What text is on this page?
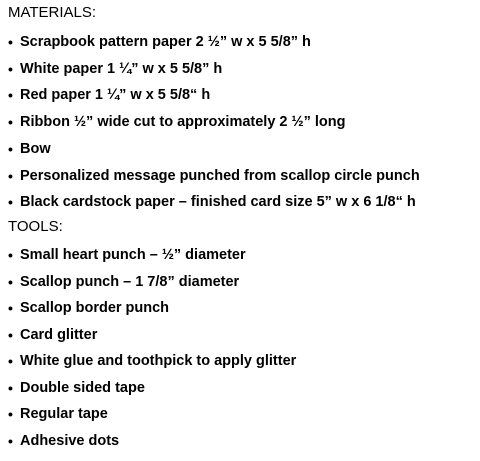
MATERIALS:
• Scrapbook pattern paper 2 ½” w x 5 5/8” h
• White paper 1 ¼” w x 5 5/8” h
• Red paper 1 ¼” w x 5 5/8“ h
• Ribbon ½” wide cut to approximately 2 ½” long
• Bow
• Personalized message punched from scallop circle punch
• Black cardstock paper – finished card size 5” w x 6 1/8“ h
TOOLS:
• Small heart punch – ½” diameter
• Scallop punch – 1 7/8” diameter
• Scallop border punch
• Card glitter
• White glue and toothpick to apply glitter
• Double sided tape
• Regular tape
• Adhesive dots
